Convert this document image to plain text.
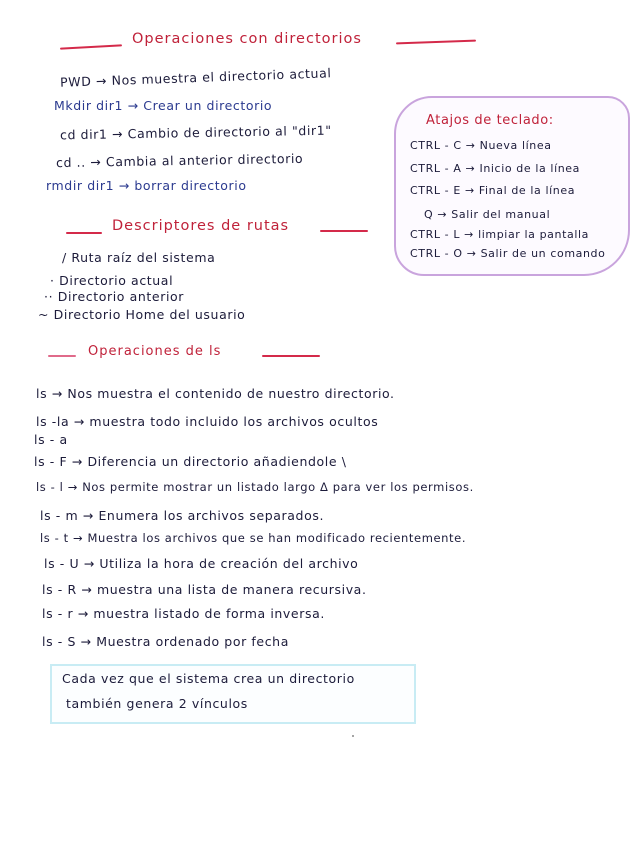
Operaciones con directorios
PWD → Nos muestra el directorio actual
Mkdir dir1 → Crear un directorio
cd dir1 → Cambio de directorio al "dir1"
cd .. → Cambia al anterior directorio
rmdir dir1 → borrar directorio
Atajos de teclado:
CTRL - C → Nueva línea
CTRL - A → Inicio de la línea
CTRL - E → Final de la línea
Q → Salir del manual
CTRL - L → limpiar la pantalla
CTRL - O → Salir de un comando
Descriptores de rutas
/ Ruta raíz del sistema
· Directorio actual
·· Directorio anterior
~ Directorio Home del usuario
Operaciones de ls
ls → Nos muestra el contenido de nuestro directorio.
ls -la → muestra todo incluido los archivos ocultos
ls - a
ls - F → Diferencia un directorio añadiendole \
ls - l → Nos permite mostrar un listado largo Δ para ver los permisos.
ls - m → Enumera los archivos separados.
ls - t → Muestra los archivos que se han modificado recientemente.
ls - U → Utiliza la hora de creación del archivo
ls - R → muestra una lista de manera recursiva.
ls - r → muestra listado de forma inversa.
ls - S → Muestra ordenado por fecha
Cada vez que el sistema crea un directorio
también genera 2 vínculos
